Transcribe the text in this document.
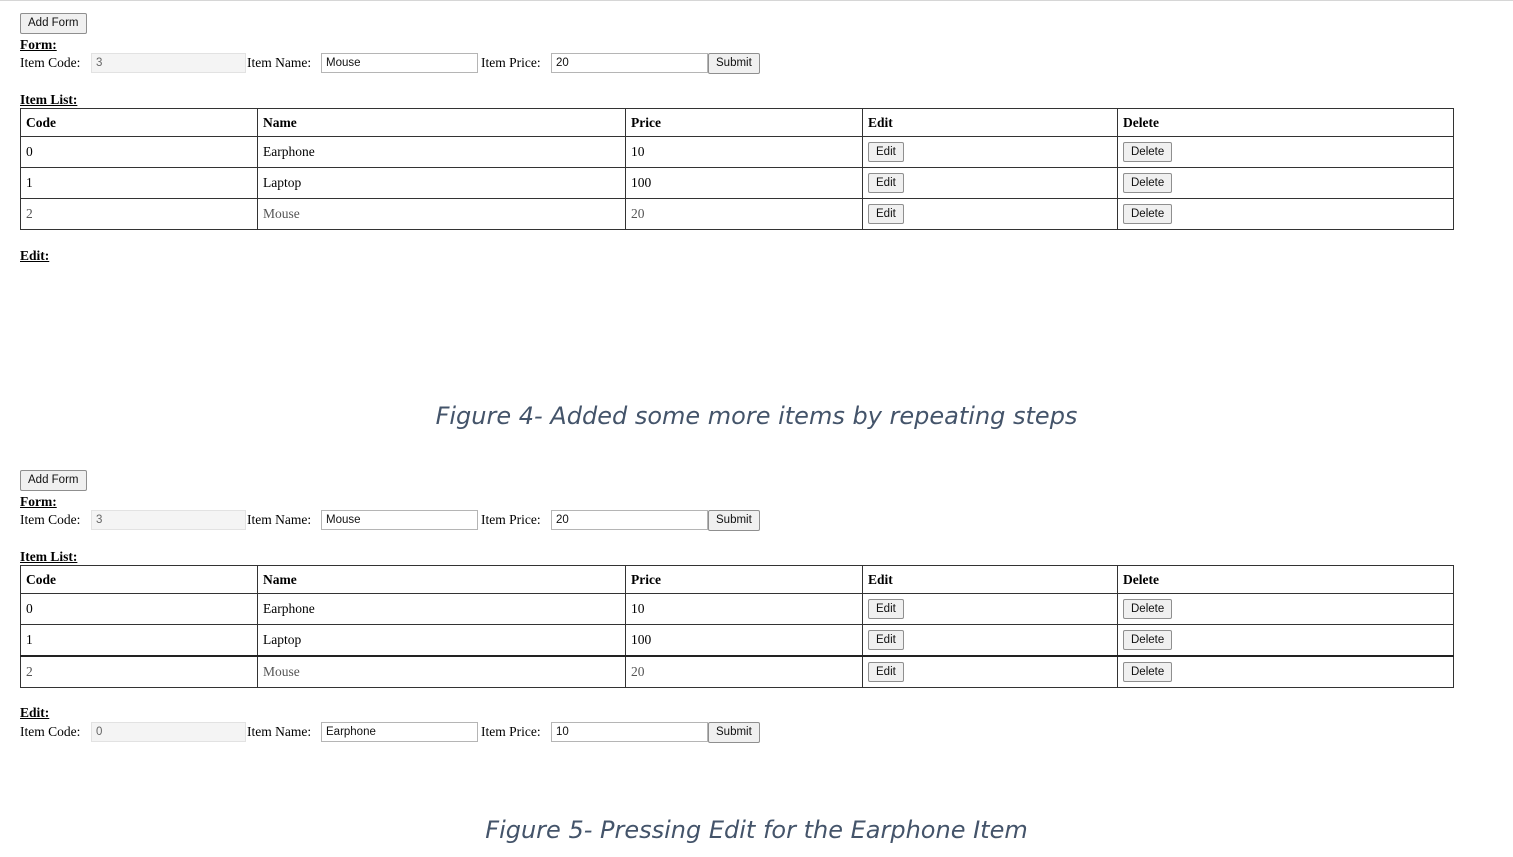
Add Form
Form:
Item Code:
3	Item Name:
Mouse	Item Price:
20	Submit
Item List:
Code	Name	Price	Edit	Delete
0	Earphone	10	Edit	Delete
1	Laptop	100	Edit	Delete
2	Mouse	20	Edit	Delete
Edit:
Figure 4- Added some more items by repeating steps
Add Form
Form:
Item Code:
3	Item Name:
Mouse	Item Price:
20	Submit
Item List:
Code	Name	Price	Edit	Delete
0	Earphone	10	Edit	Delete
1	Laptop	100	Edit	Delete
2	Mouse	20	Edit	Delete
Edit:
Item Code:
0	Item Name:
Earphone	Item Price:
10	Submit
Figure 5- Pressing Edit for the Earphone Item
